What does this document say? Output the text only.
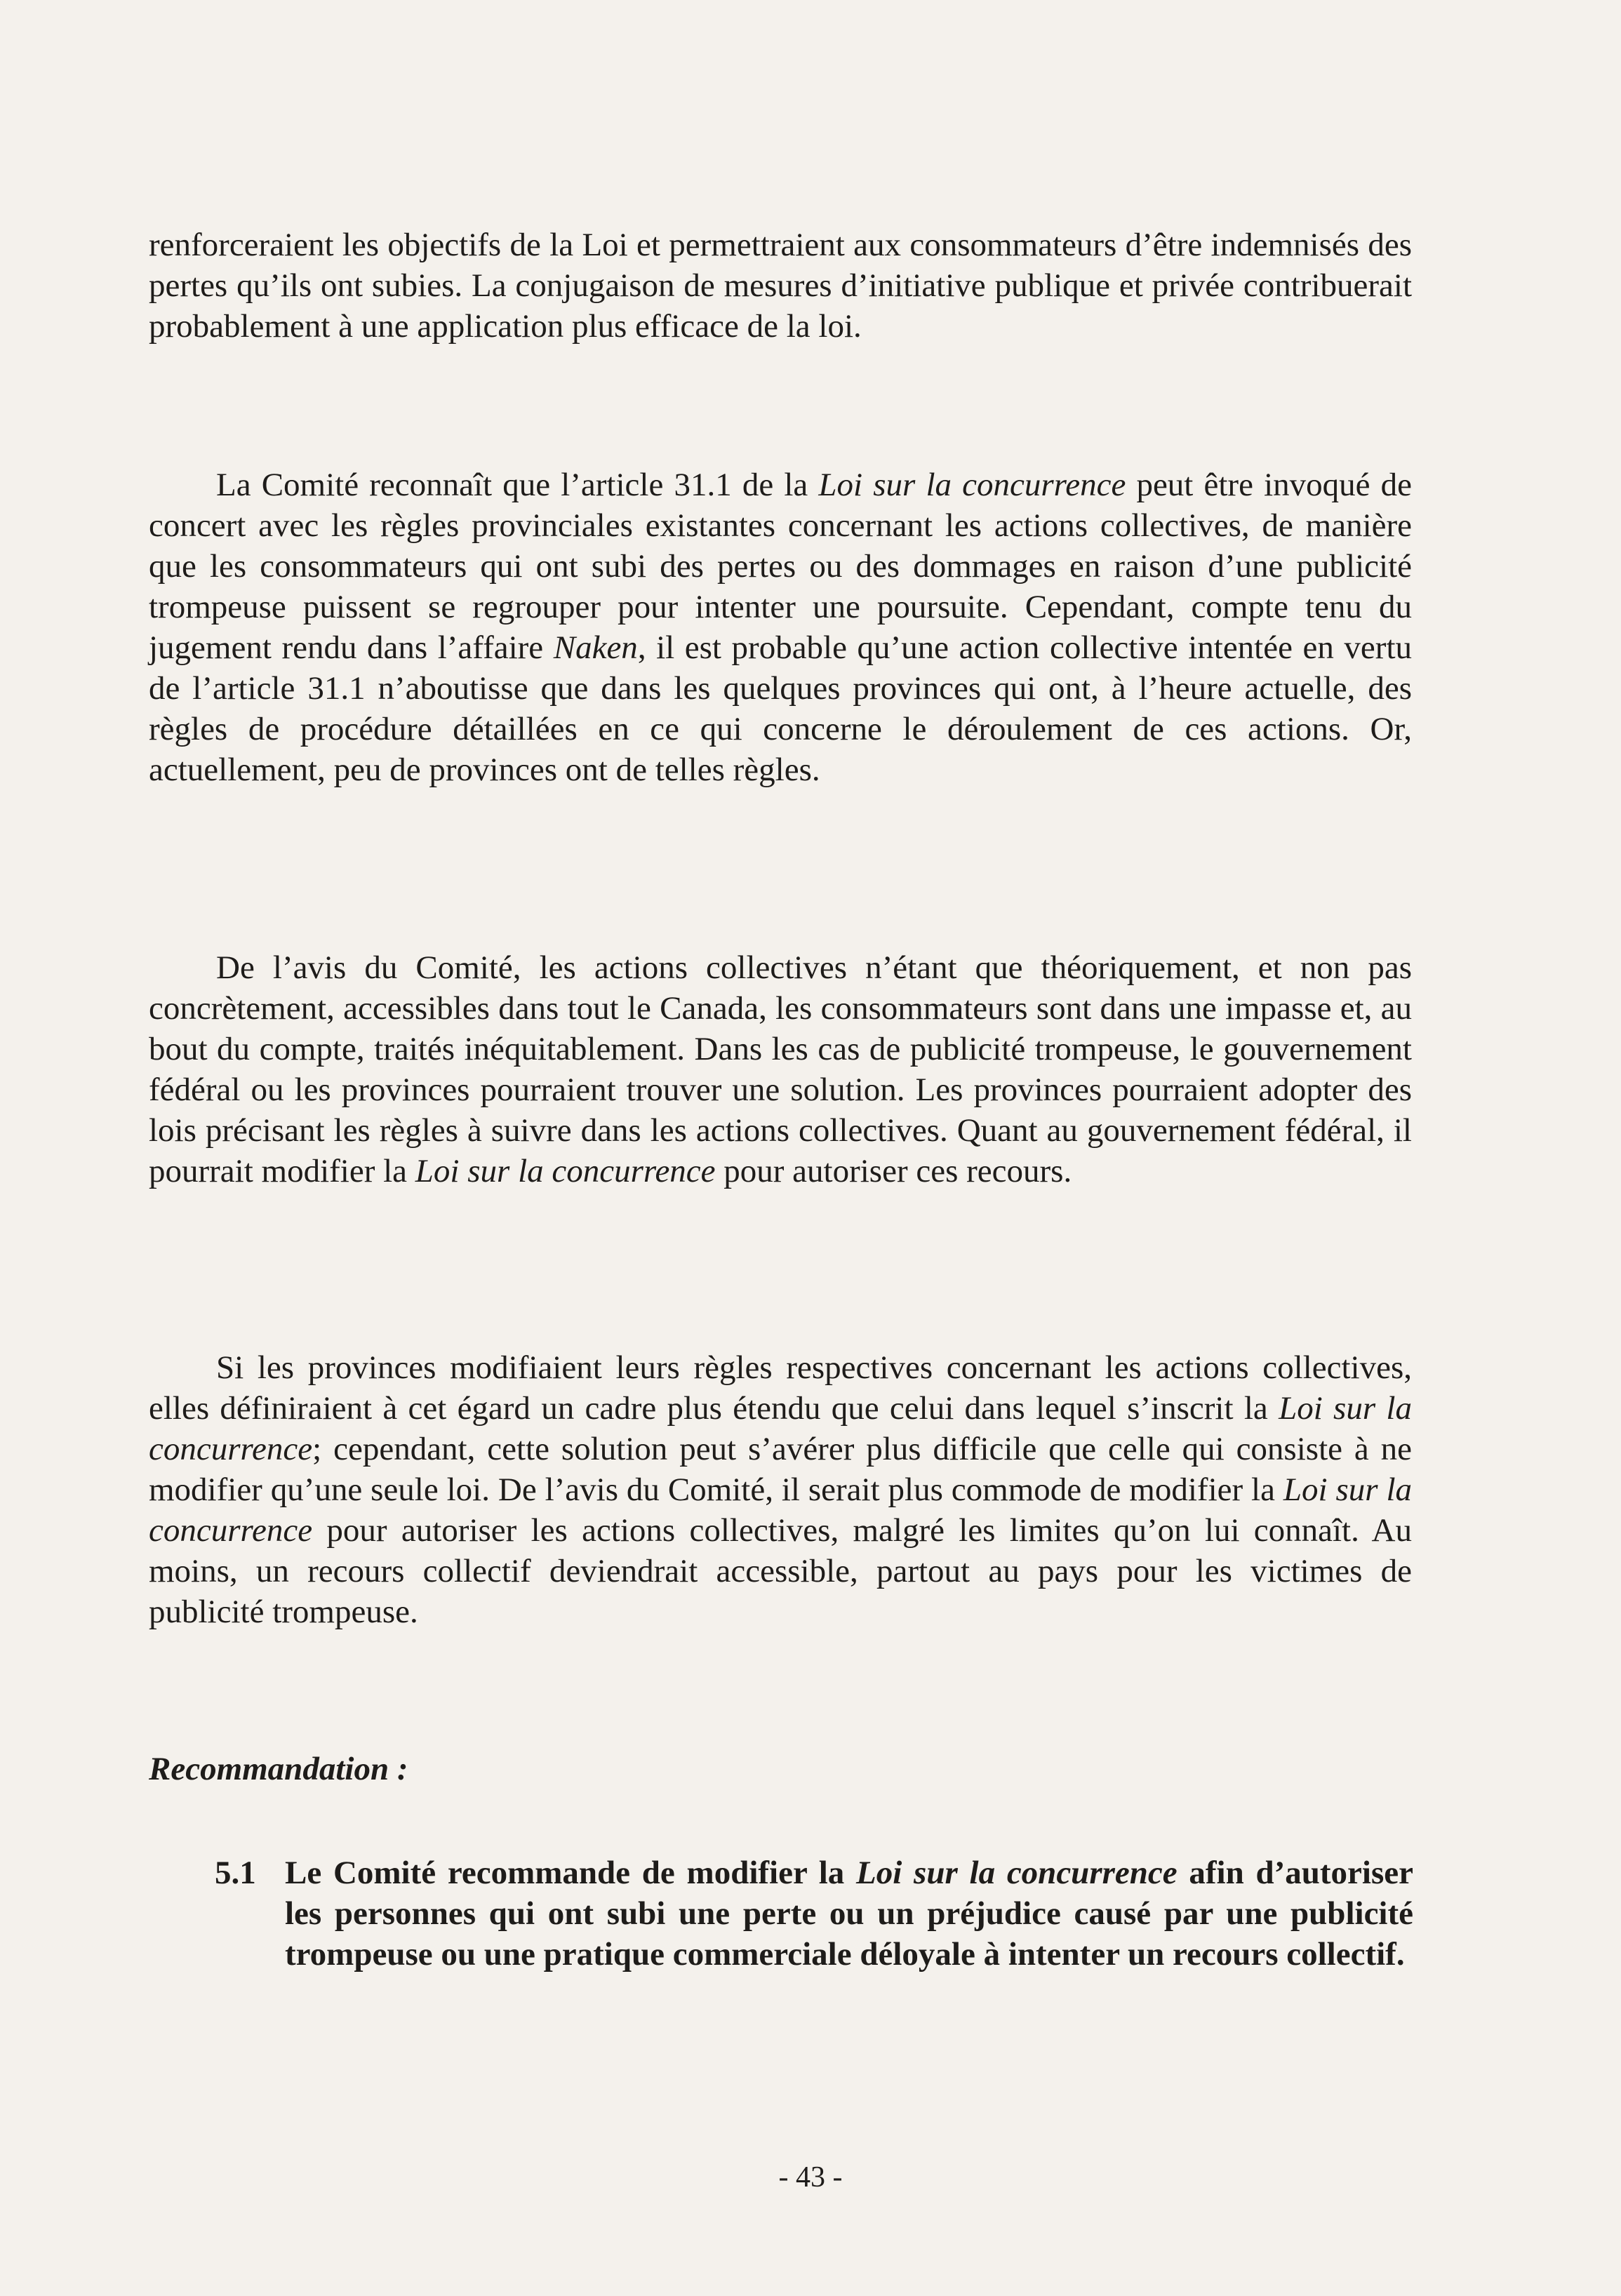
renforceraient les objectifs de la Loi et permettraient aux consommateurs d’être indemnisés des pertes qu’ils ont subies. La conjugaison de mesures d’initiative publique et privée contribuerait probablement à une application plus efficace de la loi.

La Comité reconnaît que l’article 31.1 de la Loi sur la concurrence peut être invoqué de concert avec les règles provinciales existantes concernant les actions collectives, de manière que les consommateurs qui ont subi des pertes ou des dommages en raison d’une publicité trompeuse puissent se regrouper pour intenter une poursuite. Cependant, compte tenu du jugement rendu dans l’affaire Naken, il est probable qu’une action collective intentée en vertu de l’article 31.1 n’aboutisse que dans les quelques provinces qui ont, à l’heure actuelle, des règles de procédure détaillées en ce qui concerne le déroulement de ces actions. Or, actuellement, peu de provinces ont de telles règles.

De l’avis du Comité, les actions collectives n’étant que théoriquement, et non pas concrètement, accessibles dans tout le Canada, les consommateurs sont dans une impasse et, au bout du compte, traités inéquitablement. Dans les cas de publicité trompeuse, le gouvernement fédéral ou les provinces pourraient trouver une solution. Les provinces pourraient adopter des lois précisant les règles à suivre dans les actions collectives. Quant au gouvernement fédéral, il pourrait modifier la Loi sur la concurrence pour autoriser ces recours.

Si les provinces modifiaient leurs règles respectives concernant les actions collectives, elles définiraient à cet égard un cadre plus étendu que celui dans lequel s’inscrit la Loi sur la concurrence; cependant, cette solution peut s’avérer plus difficile que celle qui consiste à ne modifier qu’une seule loi. De l’avis du Comité, il serait plus commode de modifier la Loi sur la concurrence pour autoriser les actions collectives, malgré les limites qu’on lui connaît. Au moins, un recours collectif deviendrait accessible, partout au pays pour les victimes de publicité trompeuse.

Recommandation :
5.1 Le Comité recommande de modifier la Loi sur la concurrence afin d’autoriser les personnes qui ont subi une perte ou un préjudice causé par une publicité trompeuse ou une pratique commerciale déloyale à intenter un recours collectif.
- 43 -
